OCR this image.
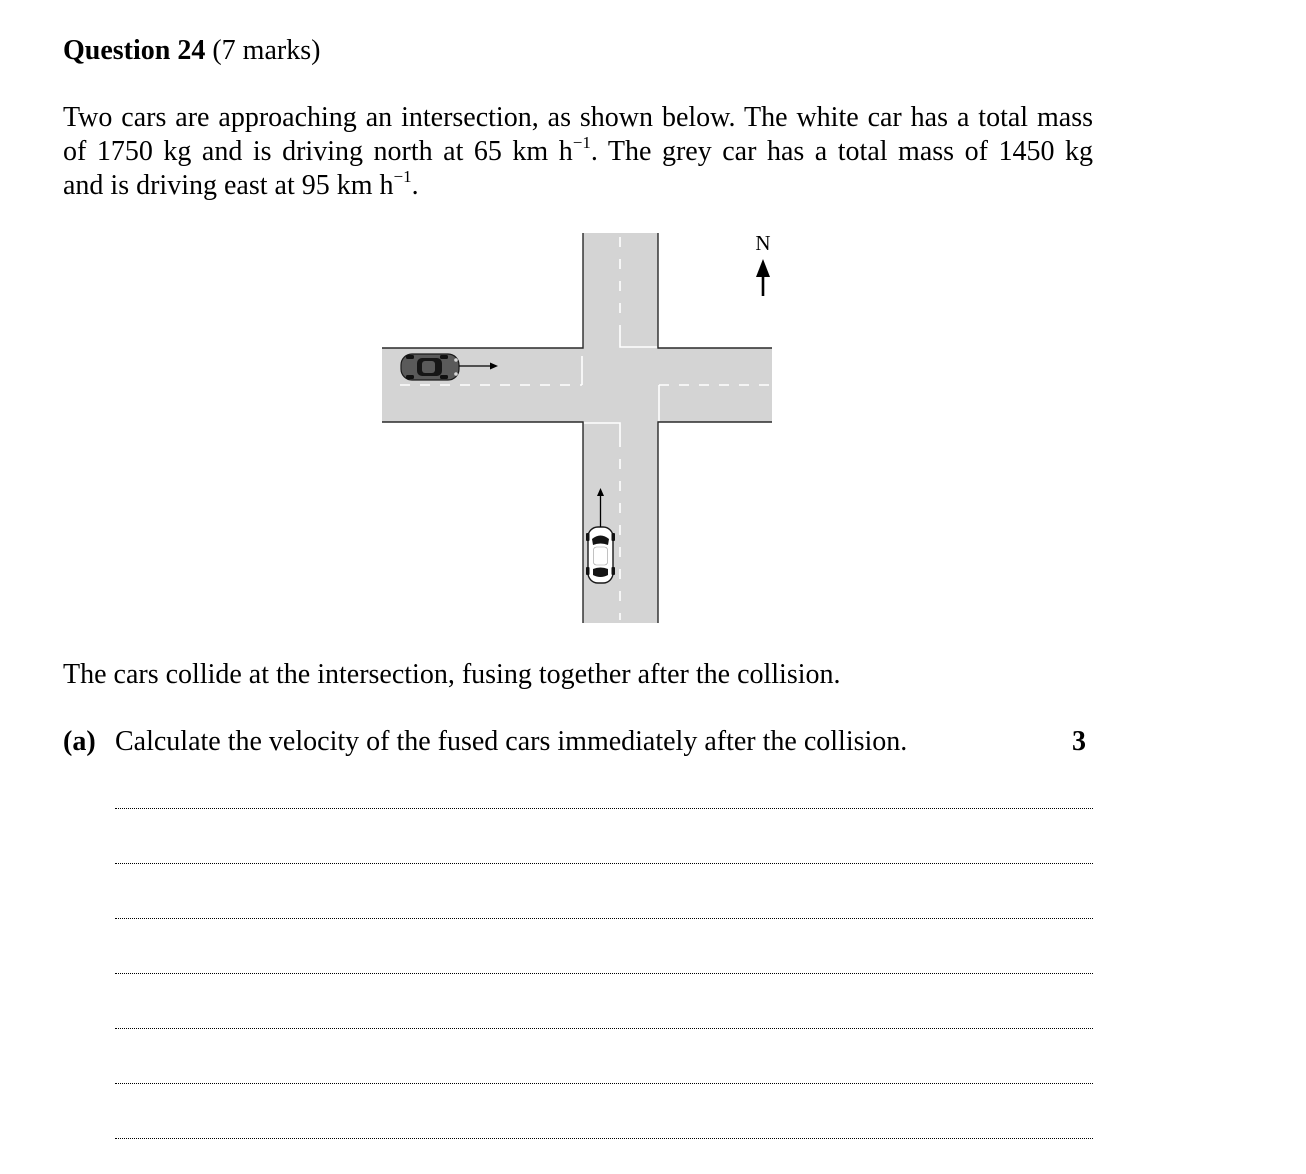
Question 24 (7 marks)

Two cars are approaching an intersection, as shown below. The white car has a total mass

of 1750 kg and is driving north at 65 km $h^{-1}$. The grey car has a total mass of 1450 kg

and is driving east at 95 km $h^{-1}$.

N
The cars collide at the intersection, fusing together after the collision.
(a) Calculate the velocity of the fused cars immediately after the collision.	3
